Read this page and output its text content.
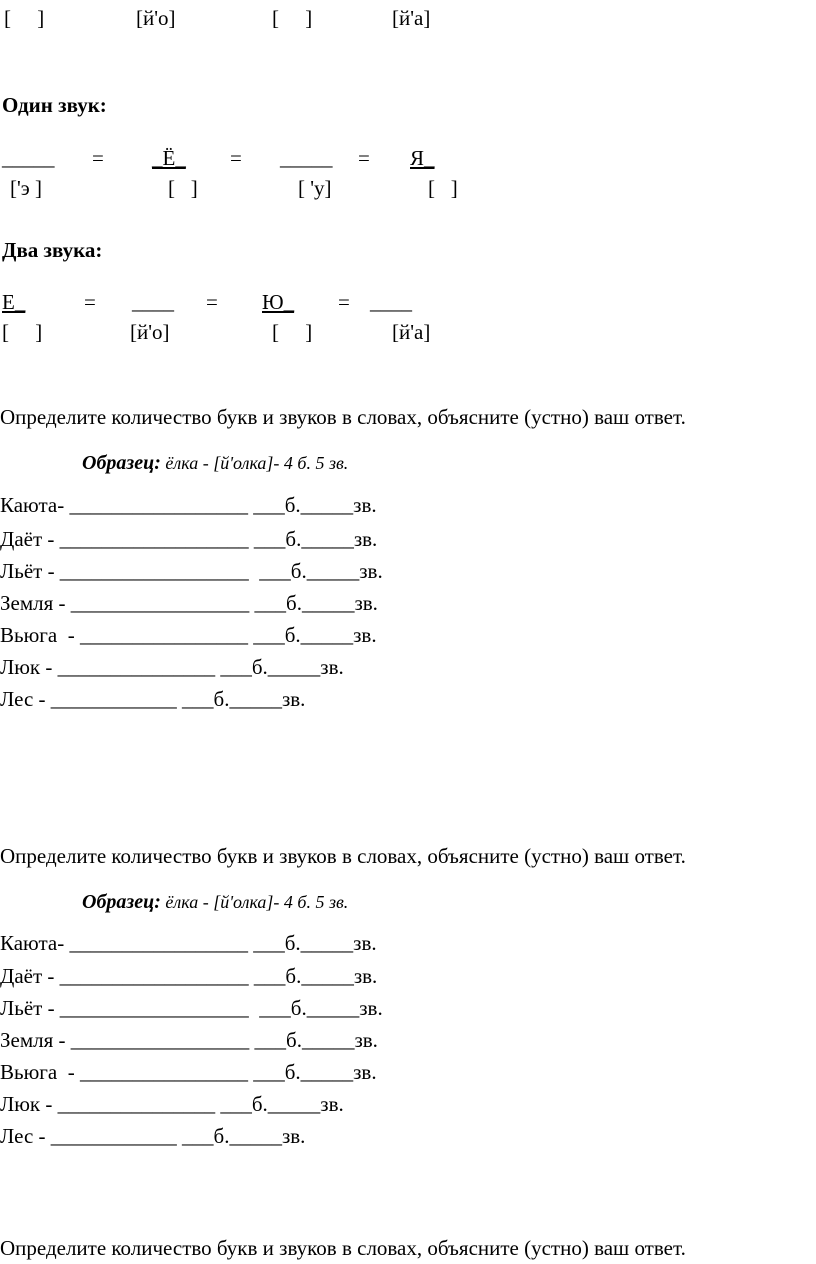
[     ]	[й'о]	[     ]	[й'а]
Один звук:
_____ = _Ё_ = _____ = Я_
['э ]	[   ]	[ 'у]	[   ]
Два звука:
Е_	= ____ = Ю_ = ____
[     ]	[й'о]	[     ]	[й'а]
Определите количество букв и звуков в словах, объясните (устно) ваш ответ.

Образец: ёлка - [й'олка]- 4 б. 5 зв.

Каюта- _________________ ___б._____зв.
Даёт - __________________ ___б._____зв.
Льёт - __________________  ___б._____зв.
Земля - _________________ ___б._____зв.
Вьюга  - ________________ ___б._____зв.
Люк - _______________ ___б._____зв.
Лес - ____________ ___б._____зв.
Определите количество букв и звуков в словах, объясните (устно) ваш ответ.

Образец: ёлка - [й'олка]- 4 б. 5 зв.

Каюта- _________________ ___б._____зв.
Даёт - __________________ ___б._____зв.
Льёт - __________________  ___б._____зв.
Земля - _________________ ___б._____зв.
Вьюга  - ________________ ___б._____зв.
Люк - _______________ ___б._____зв.
Лес - ____________ ___б._____зв.
Определите количество букв и звуков в словах, объясните (устно) ваш ответ.
